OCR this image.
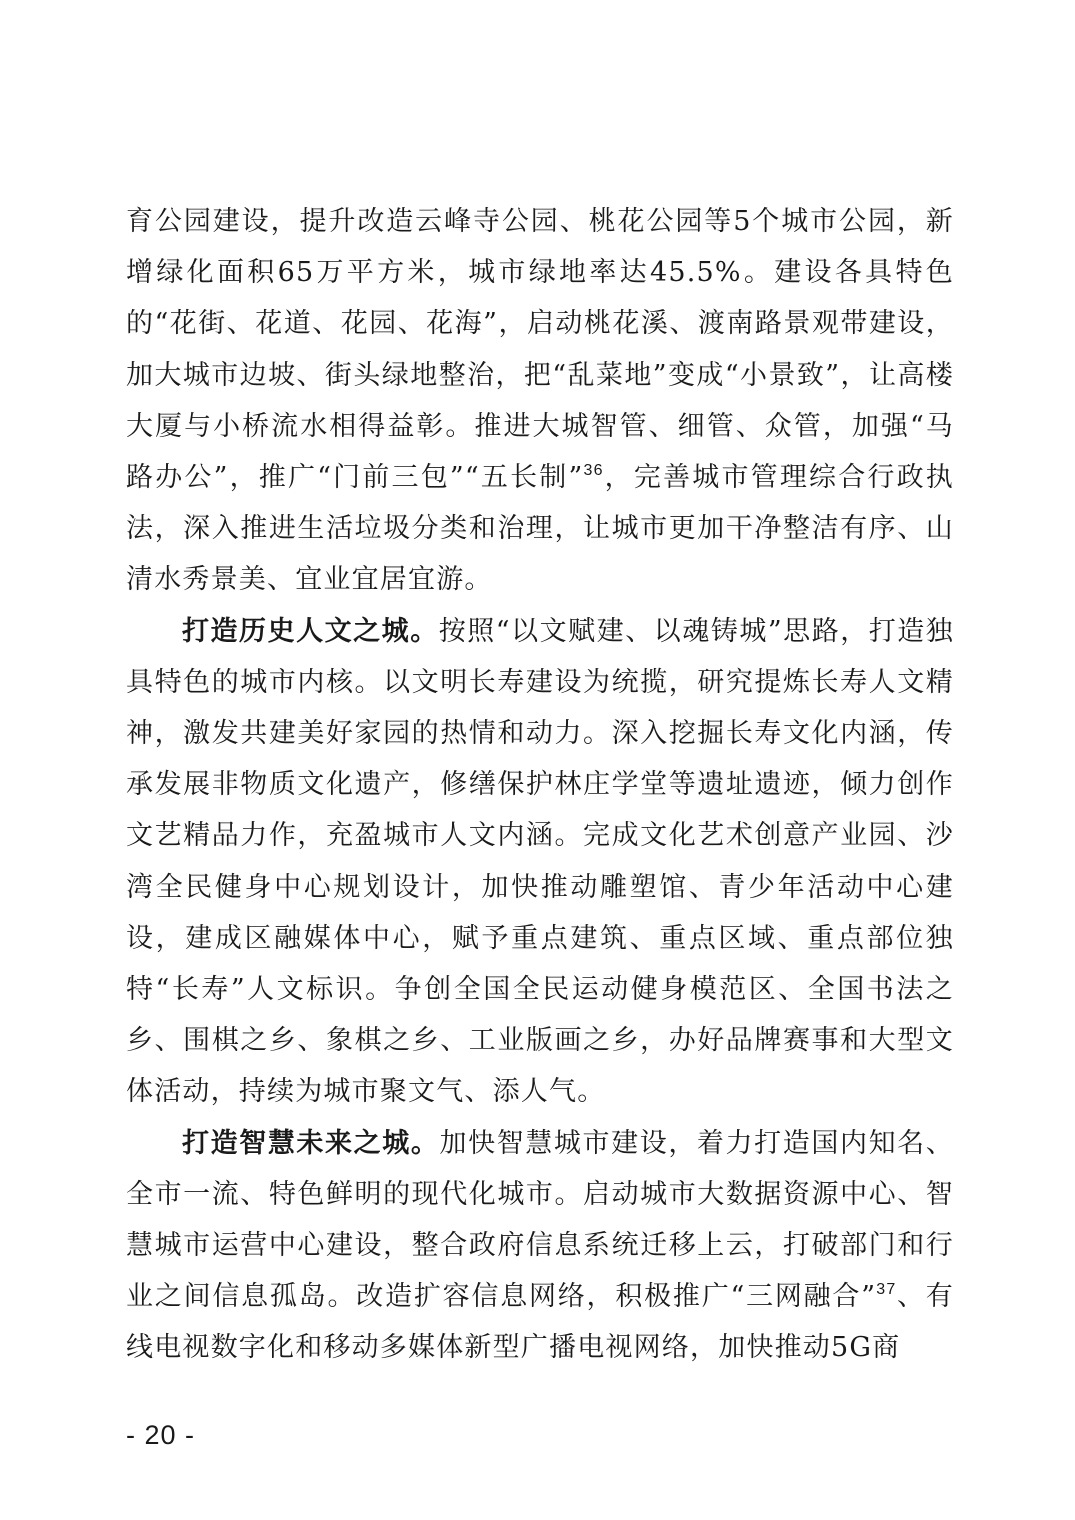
育公园建设，提升改造云峰寺公园、桃花公园等5个城市公园，新增绿化面积65万平方米，城市绿地率达45.5%。建设各具特色的“花街、花道、花园、花海”，启动桃花溪、渡南路景观带建设，加大城市边坡、街头绿地整治，把“乱菜地”变成“小景致”，让高楼大厦与小桥流水相得益彰。推进大城智管、细管、众管，加强“马路办公”，推广“门前三包”“五长制”$^{36}$，完善城市管理综合行政执法，深入推进生活垃圾分类和治理，让城市更加干净整洁有序、山清水秀景美、宜业宜居宜游。

打造历史人文之城。按照“以文赋建、以魂铸城”思路，打造独具特色的城市内核。以文明长寿建设为统揽，研究提炼长寿人文精神，激发共建美好家园的热情和动力。深入挖掘长寿文化内涵，传承发展非物质文化遗产，修缮保护林庄学堂等遗址遗迹，倾力创作文艺精品力作，充盈城市人文内涵。完成文化艺术创意产业园、沙湾全民健身中心规划设计，加快推动雕塑馆、青少年活动中心建设，建成区融媒体中心，赋予重点建筑、重点区域、重点部位独特“长寿”人文标识。争创全国全民运动健身模范区、全国书法之乡、围棋之乡、象棋之乡、工业版画之乡，办好品牌赛事和大型文体活动，持续为城市聚文气、添人气。

打造智慧未来之城。加快智慧城市建设，着力打造国内知名、全市一流、特色鲜明的现代化城市。启动城市大数据资源中心、智慧城市运营中心建设，整合政府信息系统迁移上云，打破部门和行业之间信息孤岛。改造扩容信息网络，积极推广“三网融合”$^{37}$、有线电视数字化和移动多媒体新型广播电视网络，加快推动5G商

- 20 -
